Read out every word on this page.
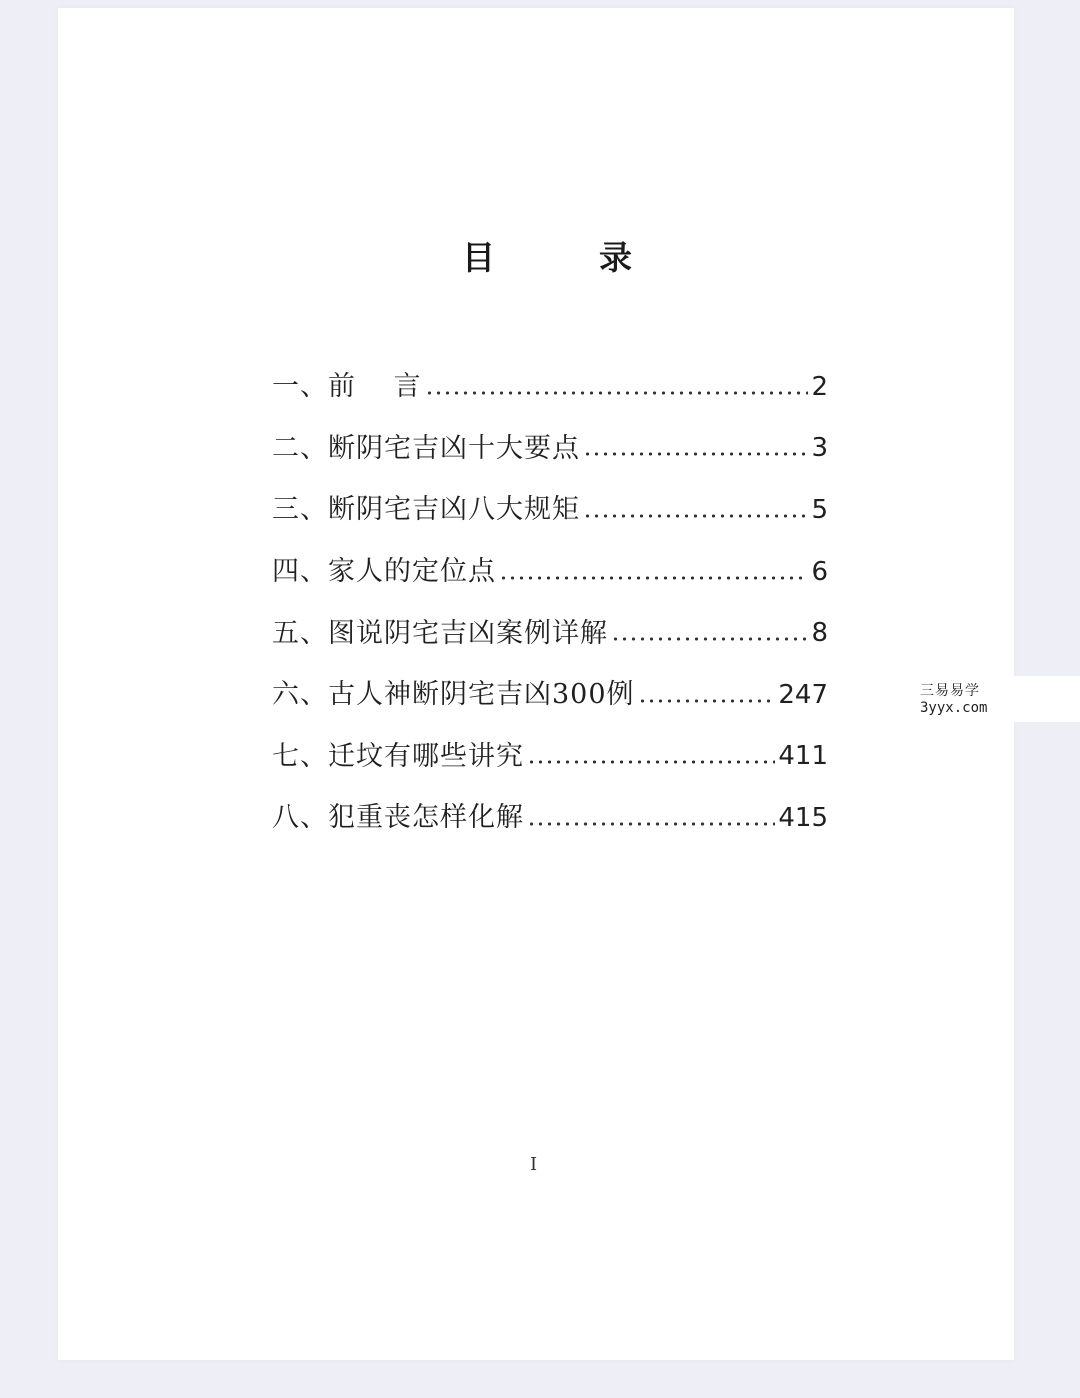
目	录
一、前　 言	2
二、断阴宅吉凶十大要点	3
三、断阴宅吉凶八大规矩	5
四、家人的定位点	6
五、图说阴宅吉凶案例详解	8
六、古人神断阴宅吉凶300例	247
七、迁坟有哪些讲究	411
八、犯重丧怎样化解	415
I
三易易学
3yyx.com
